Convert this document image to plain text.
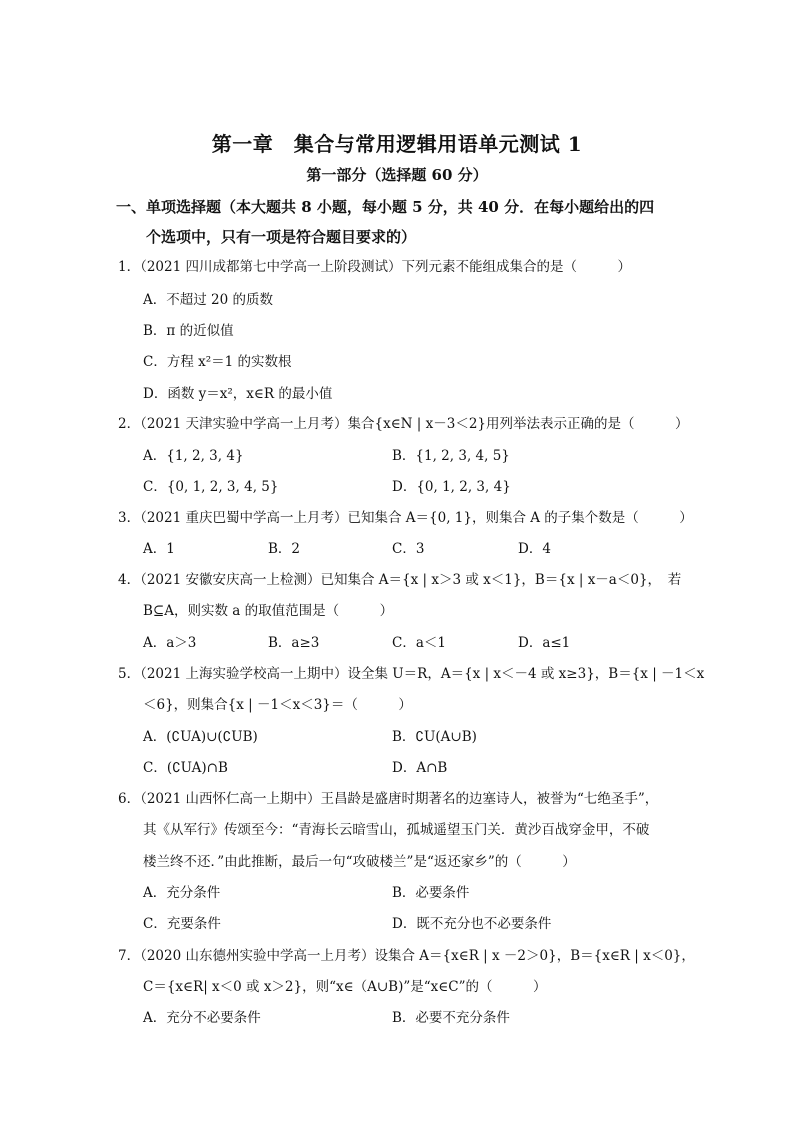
第一章　集合与常用逻辑用语单元测试 1
第一部分（选择题 60 分）
一、单项选择题（本大题共 8 小题，每小题 5 分，共 40 分．在每小题给出的四
个选项中，只有一项是符合题目要求的）
1．（2021 四川成都第七中学高一上阶段测试）下列元素不能组成集合的是（　　　）
A．不超过 20 的质数
B．π 的近似值
C．方程 x²＝1 的实数根
D．函数 y＝x²，x∈R 的最小值
2．（2021 天津实验中学高一上月考）集合{x∈N | x－3＜2}用列举法表示正确的是（　　　）
A．{1, 2, 3, 4}	B．{1, 2, 3, 4, 5}
C．{0, 1, 2, 3, 4, 5}	D．{0, 1, 2, 3, 4}
3．（2021 重庆巴蜀中学高一上月考）已知集合 A＝{0, 1}，则集合 A 的子集个数是（　　　）
A．1	B．2	C．3	D．4
4．（2021 安徽安庆高一上检测）已知集合 A＝{x | x＞3 或 x＜1}，B＝{x | x－a＜0}，　若
B⊆A，则实数 a 的取值范围是（　　　）
A．a＞3	B．a≥3	C．a＜1	D．a≤1
5．（2021 上海实验学校高一上期中）设全集 U＝R，A＝{x | x＜－4 或 x≥3}，B＝{x | －1＜x
＜6}，则集合{x | －1＜x＜3}＝（　　　）
A．(∁UA)∪(∁UB)	B．∁U(A∪B)
C．(∁UA)∩B	D．A∩B
6．（2021 山西怀仁高一上期中）王昌龄是盛唐时期著名的边塞诗人，被誉为“七绝圣手”，
其《从军行》传颂至今：“青海长云暗雪山，孤城遥望玉门关．黄沙百战穿金甲，不破
楼兰终不还．”由此推断，最后一句“攻破楼兰”是“返还家乡”的（　　　）
A．充分条件	B．必要条件
C．充要条件	D．既不充分也不必要条件
7．（2020 山东德州实验中学高一上月考）设集合 A＝{x∈R | x －2＞0}，B＝{x∈R | x＜0}，
C＝{x∈R| x＜0 或 x＞2}，则“x∈（A∪B)”是“x∈C”的（　　　）
A．充分不必要条件	B．必要不充分条件
